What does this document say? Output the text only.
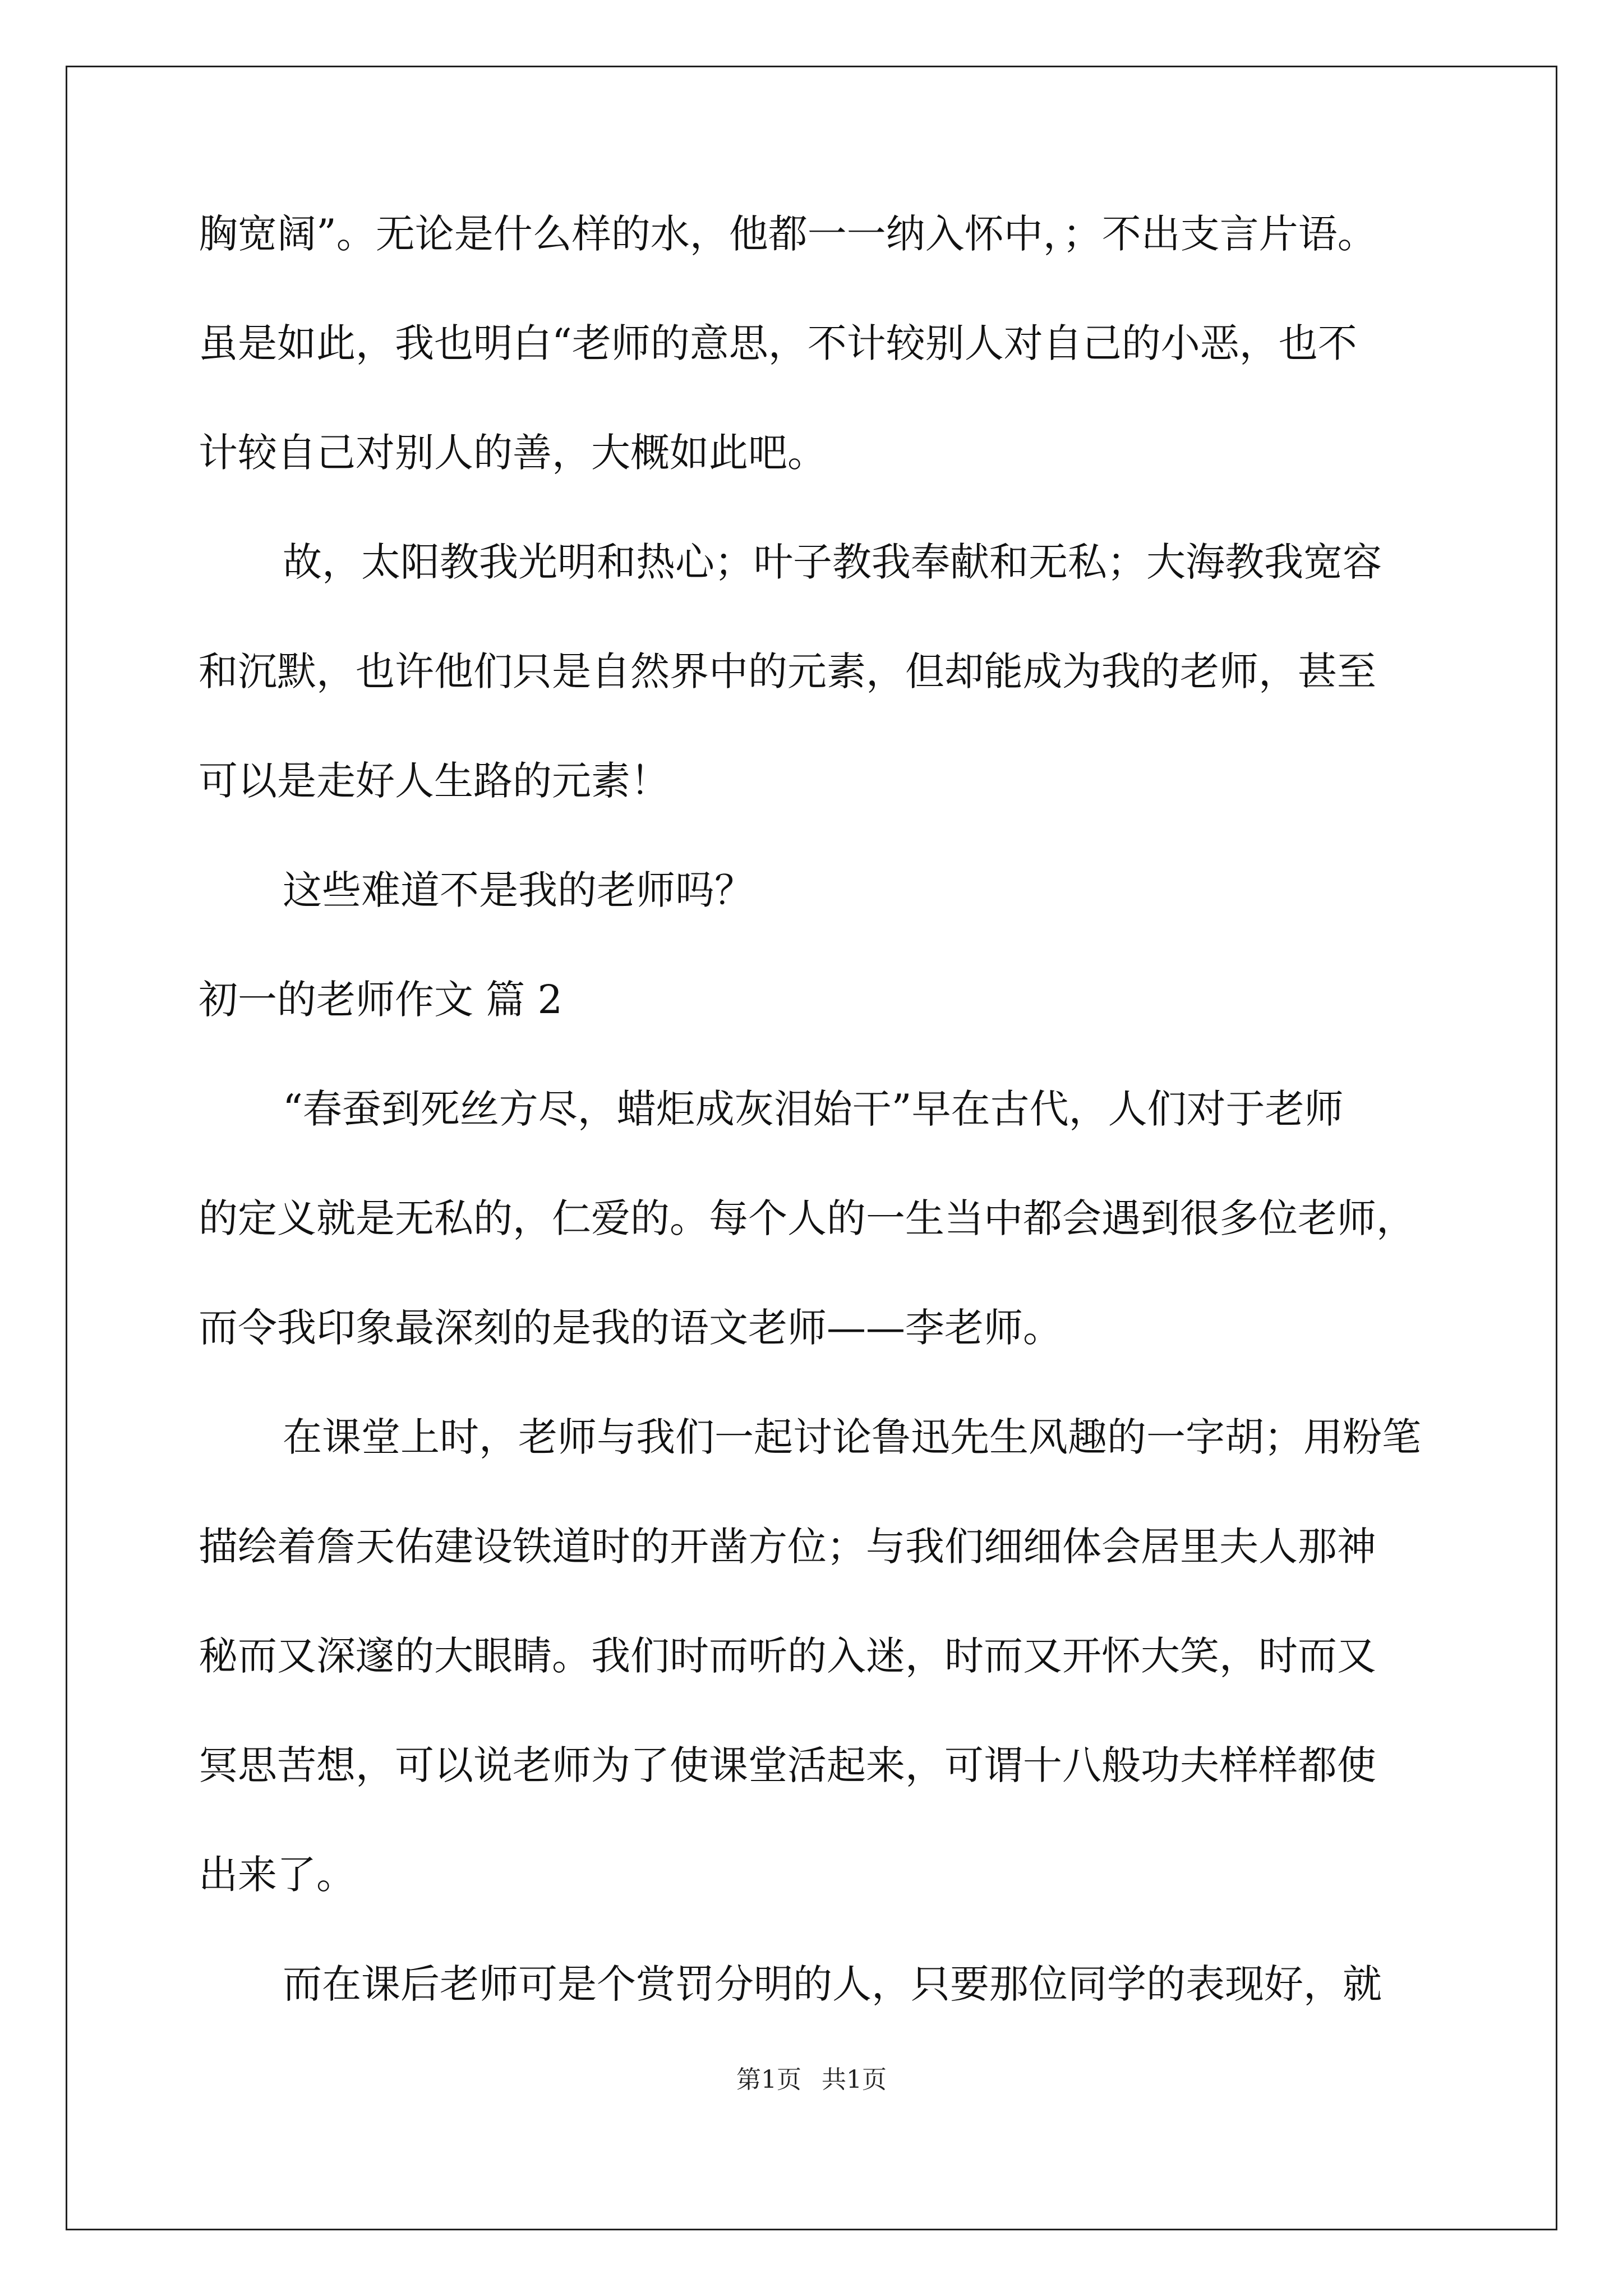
胸宽阔”。无论是什么样的水，他都一一纳入怀中，；不出支言片语。
虽是如此，我也明白“老师的意思，不计较别人对自己的小恶，也不
计较自己对别人的善，大概如此吧。
故，太阳教我光明和热心；叶子教我奉献和无私；大海教我宽容
和沉默，也许他们只是自然界中的元素，但却能成为我的老师，甚至
可以是走好人生路的元素！
这些难道不是我的老师吗？
初一的老师作文 篇 2
“春蚕到死丝方尽，蜡炬成灰泪始干”早在古代，人们对于老师
的定义就是无私的，仁爱的。每个人的一生当中都会遇到很多位老师，
而令我印象最深刻的是我的语文老师——李老师。
在课堂上时，老师与我们一起讨论鲁迅先生风趣的一字胡；用粉笔
描绘着詹天佑建设铁道时的开凿方位；与我们细细体会居里夫人那神
秘而又深邃的大眼睛。我们时而听的入迷，时而又开怀大笑，时而又
冥思苦想，可以说老师为了使课堂活起来，可谓十八般功夫样样都使
出来了。
而在课后老师可是个赏罚分明的人，只要那位同学的表现好，就
第1页 共1页
